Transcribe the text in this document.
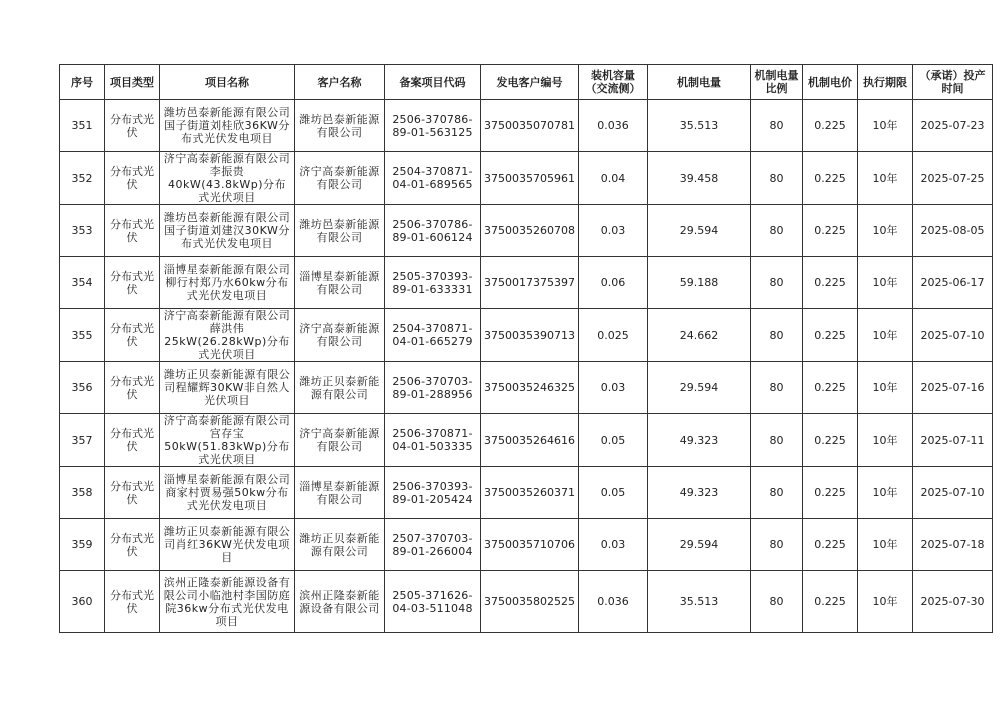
序号	项目类型	项目名称	客户名称	备案项目代码	发电客户编号	装机容量（交流侧）	机制电量	机制电量比例	机制电价	执行期限	（承诺）投产时间
351	分布式光伏	潍坊邑泰新能源有限公司国子街道刘桂欣36KW分布式光伏发电项目	潍坊邑泰新能源有限公司	2506-370786-89-01-563125	3750035070781	0.036	35.513	80	0.225	10年	2025-07-23
352	分布式光伏	济宁高泰新能源有限公司李振贵40kW(43.8kWp)分布式光伏项目	济宁高泰新能源有限公司	2504-370871-04-01-689565	3750035705961	0.04	39.458	80	0.225	10年	2025-07-25
353	分布式光伏	潍坊邑泰新能源有限公司国子街道刘建汉30KW分布式光伏发电项目	潍坊邑泰新能源有限公司	2506-370786-89-01-606124	3750035260708	0.03	29.594	80	0.225	10年	2025-08-05
354	分布式光伏	淄博星泰新能源有限公司柳行村郑乃水60kw分布式光伏发电项目	淄博星泰新能源有限公司	2505-370393-89-01-633331	3750017375397	0.06	59.188	80	0.225	10年	2025-06-17
355	分布式光伏	济宁高泰新能源有限公司薛洪伟25kW(26.28kWp)分布式光伏项目	济宁高泰新能源有限公司	2504-370871-04-01-665279	3750035390713	0.025	24.662	80	0.225	10年	2025-07-10
356	分布式光伏	潍坊正贝泰新能源有限公司程耀辉30KW非自然人光伏项目	潍坊正贝泰新能源有限公司	2506-370703-89-01-288956	3750035246325	0.03	29.594	80	0.225	10年	2025-07-16
357	分布式光伏	济宁高泰新能源有限公司宫存宝50kW(51.83kWp)分布式光伏项目	济宁高泰新能源有限公司	2506-370871-04-01-503335	3750035264616	0.05	49.323	80	0.225	10年	2025-07-11
358	分布式光伏	淄博星泰新能源有限公司商家村贾易强50kw分布式光伏发电项目	淄博星泰新能源有限公司	2506-370393-89-01-205424	3750035260371	0.05	49.323	80	0.225	10年	2025-07-10
359	分布式光伏	潍坊正贝泰新能源有限公司肖红36KW光伏发电项目	潍坊正贝泰新能源有限公司	2507-370703-89-01-266004	3750035710706	0.03	29.594	80	0.225	10年	2025-07-18
360	分布式光伏	滨州正隆泰新能源设备有限公司小临池村李国防庭院36kw分布式光伏发电项目	滨州正隆泰新能源设备有限公司	2505-371626-04-03-511048	3750035802525	0.036	35.513	80	0.225	10年	2025-07-30
